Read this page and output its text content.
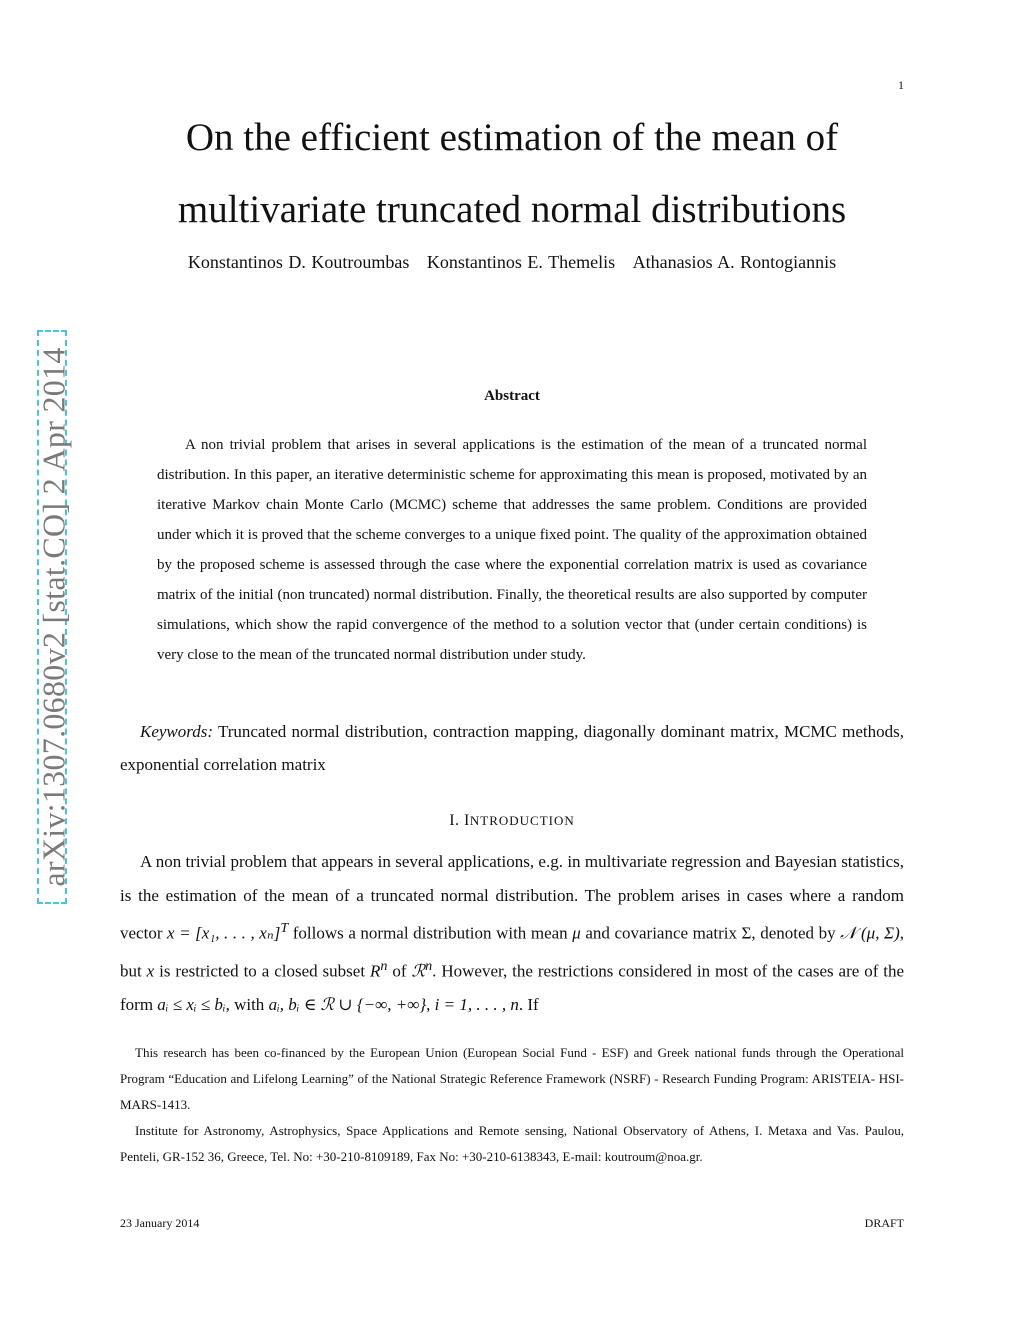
1
On the efficient estimation of the mean of
multivariate truncated normal distributions
Konstantinos D. Koutroumbas Konstantinos E. Themelis Athanasios A. Rontogiannis
arXiv:1307.0680v2 [stat.CO] 2 Apr 2014	Abstract

A non trivial problem that arises in several applications is the estimation of the mean of a truncated normal distribution. In this paper, an iterative deterministic scheme for approximating this mean is proposed, motivated by an iterative Markov chain Monte Carlo (MCMC) scheme that addresses the same problem. Conditions are provided under which it is proved that the scheme converges to a unique fixed point. The quality of the approximation obtained by the proposed scheme is assessed through the case where the exponential correlation matrix is used as covariance matrix of the initial (non truncated) normal distribution. Finally, the theoretical results are also supported by computer simulations, which show the rapid convergence of the method to a solution vector that (under certain conditions) is very close to the mean of the truncated normal distribution under study.

Keywords: Truncated normal distribution, contraction mapping, diagonally dominant matrix, MCMC methods, exponential correlation matrix

I. INTRODUCTION

A non trivial problem that appears in several applications, e.g. in multivariate regression and Bayesian statistics, is the estimation of the mean of a truncated normal distribution. The problem arises in cases where a random vector x = [x₁, . . . , xₙ]$^T$ follows a normal distribution with mean μ and covariance matrix Σ, denoted by 𝒩 (μ, Σ), but x is restricted to a closed subset $R^n$ of ℛ$^n$. However, the restrictions considered in most of the cases are of the form aᵢ ≤ xᵢ ≤ bᵢ, with aᵢ, bᵢ ∈ ℛ ∪ {−∞, +∞}, i = 1, . . . , n. If

This research has been co-financed by the European Union (European Social Fund - ESF) and Greek national funds through the Operational Program “Education and Lifelong Learning” of the National Strategic Reference Framework (NSRF) - Research Funding Program: ARISTEIA- HSI-MARS-1413.

Institute for Astronomy, Astrophysics, Space Applications and Remote sensing, National Observatory of Athens, I. Metaxa and Vas. Paulou, Penteli, GR-152 36, Greece, Tel. No: +30-210-8109189, Fax No: +30-210-6138343, E-mail: koutroum@noa.gr.

23 January 2014	DRAFT
